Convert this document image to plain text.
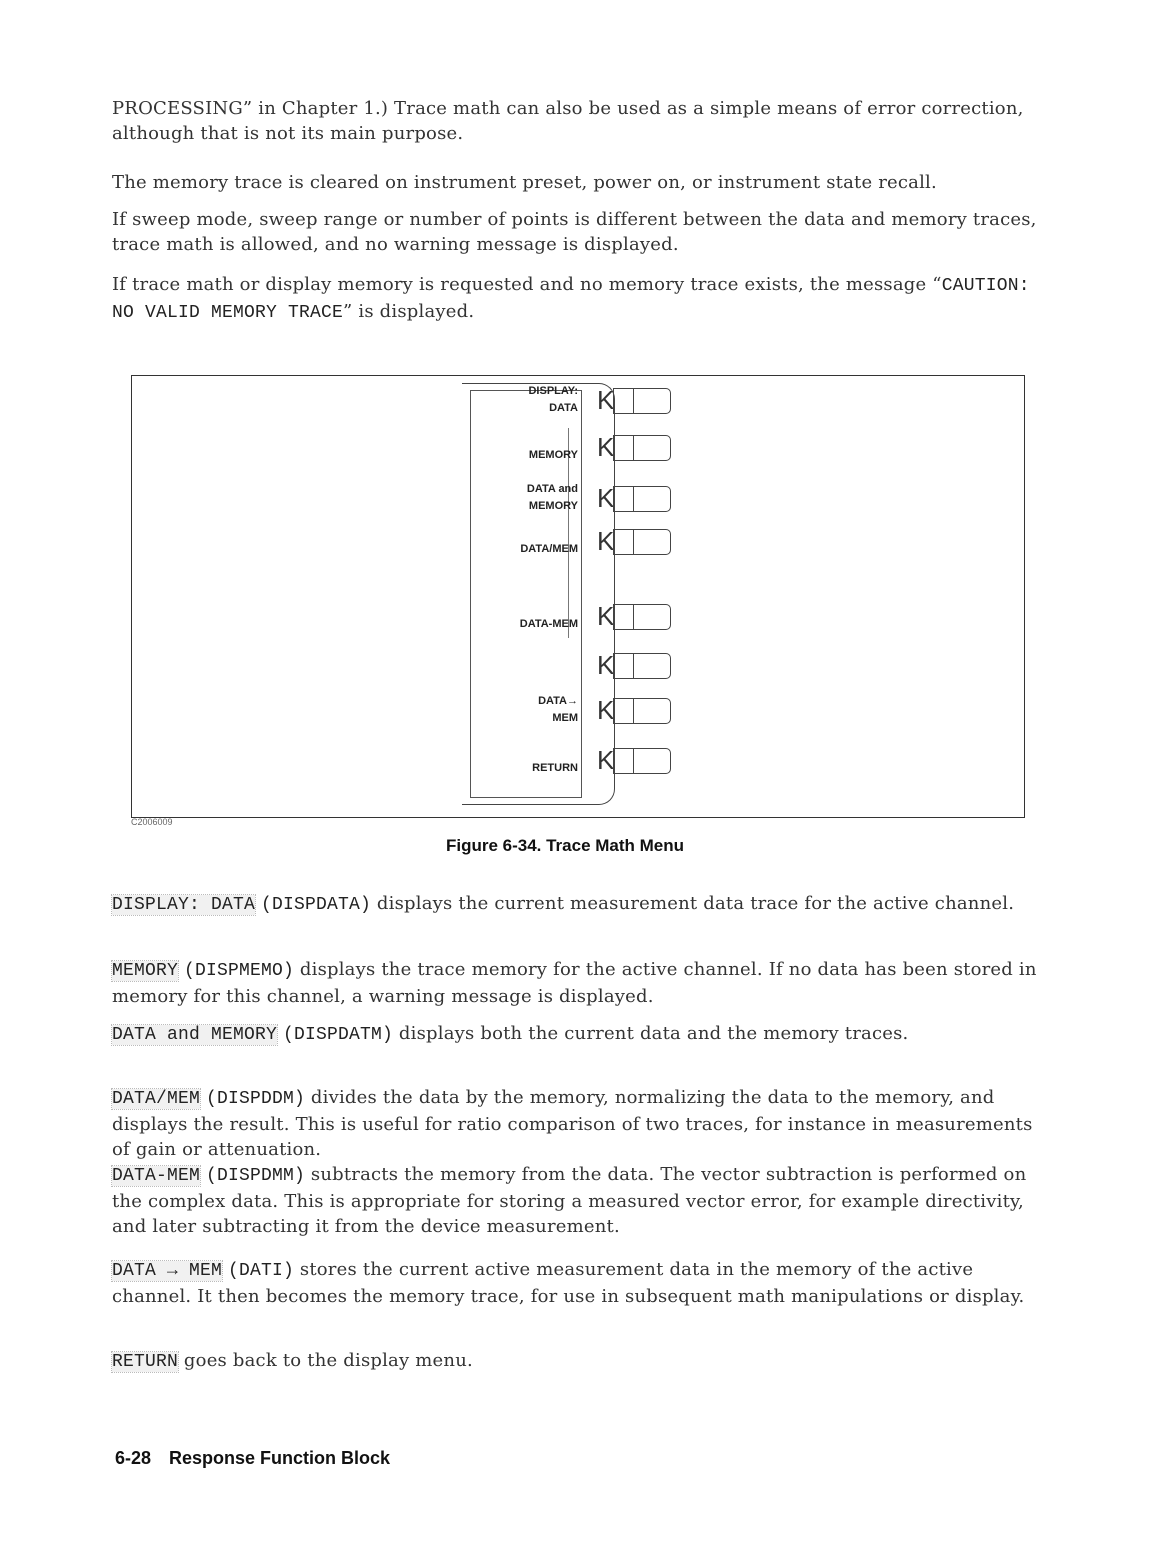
PROCESSING” in Chapter 1.) Trace math can also be used as a simple means of error correction, although that is not its main purpose.

The memory trace is cleared on instrument preset, power on, or instrument state recall.

If sweep mode, sweep range or number of points is different between the data and memory traces, trace math is allowed, and no warning message is displayed.

If trace math or display memory is requested and no memory trace exists, the message “CAUTION: NO VALID MEMORY TRACE” is displayed.

DISPLAY:
DATA K
MEMORY K
DATA and
MEMORY K
DATA/MEM K
DATA-MEM K
K
DATA→
MEM K
RETURN K
C2006009
Figure 6-34. Trace Math Menu

DISPLAY: DATA (DISPDATA) displays the current measurement data trace for the active channel.

MEMORY (DISPMEMO) displays the trace memory for the active channel. If no data has been stored in memory for this channel, a warning message is displayed.

DATA and MEMORY (DISPDATM) displays both the current data and the memory traces.

DATA/MEM (DISPDDM) divides the data by the memory, normalizing the data to the memory, and displays the result. This is useful for ratio comparison of two traces, for instance in measurements of gain or attenuation.

DATA-MEM (DISPDMM) subtracts the memory from the data. The vector subtraction is performed on the complex data. This is appropriate for storing a measured vector error, for example directivity, and later subtracting it from the device measurement.

DATA → MEM (DATI) stores the current active measurement data in the memory of the active channel. It then becomes the memory trace, for use in subsequent math manipulations or display.

RETURN goes back to the display menu.

6-28 Response Function Block
